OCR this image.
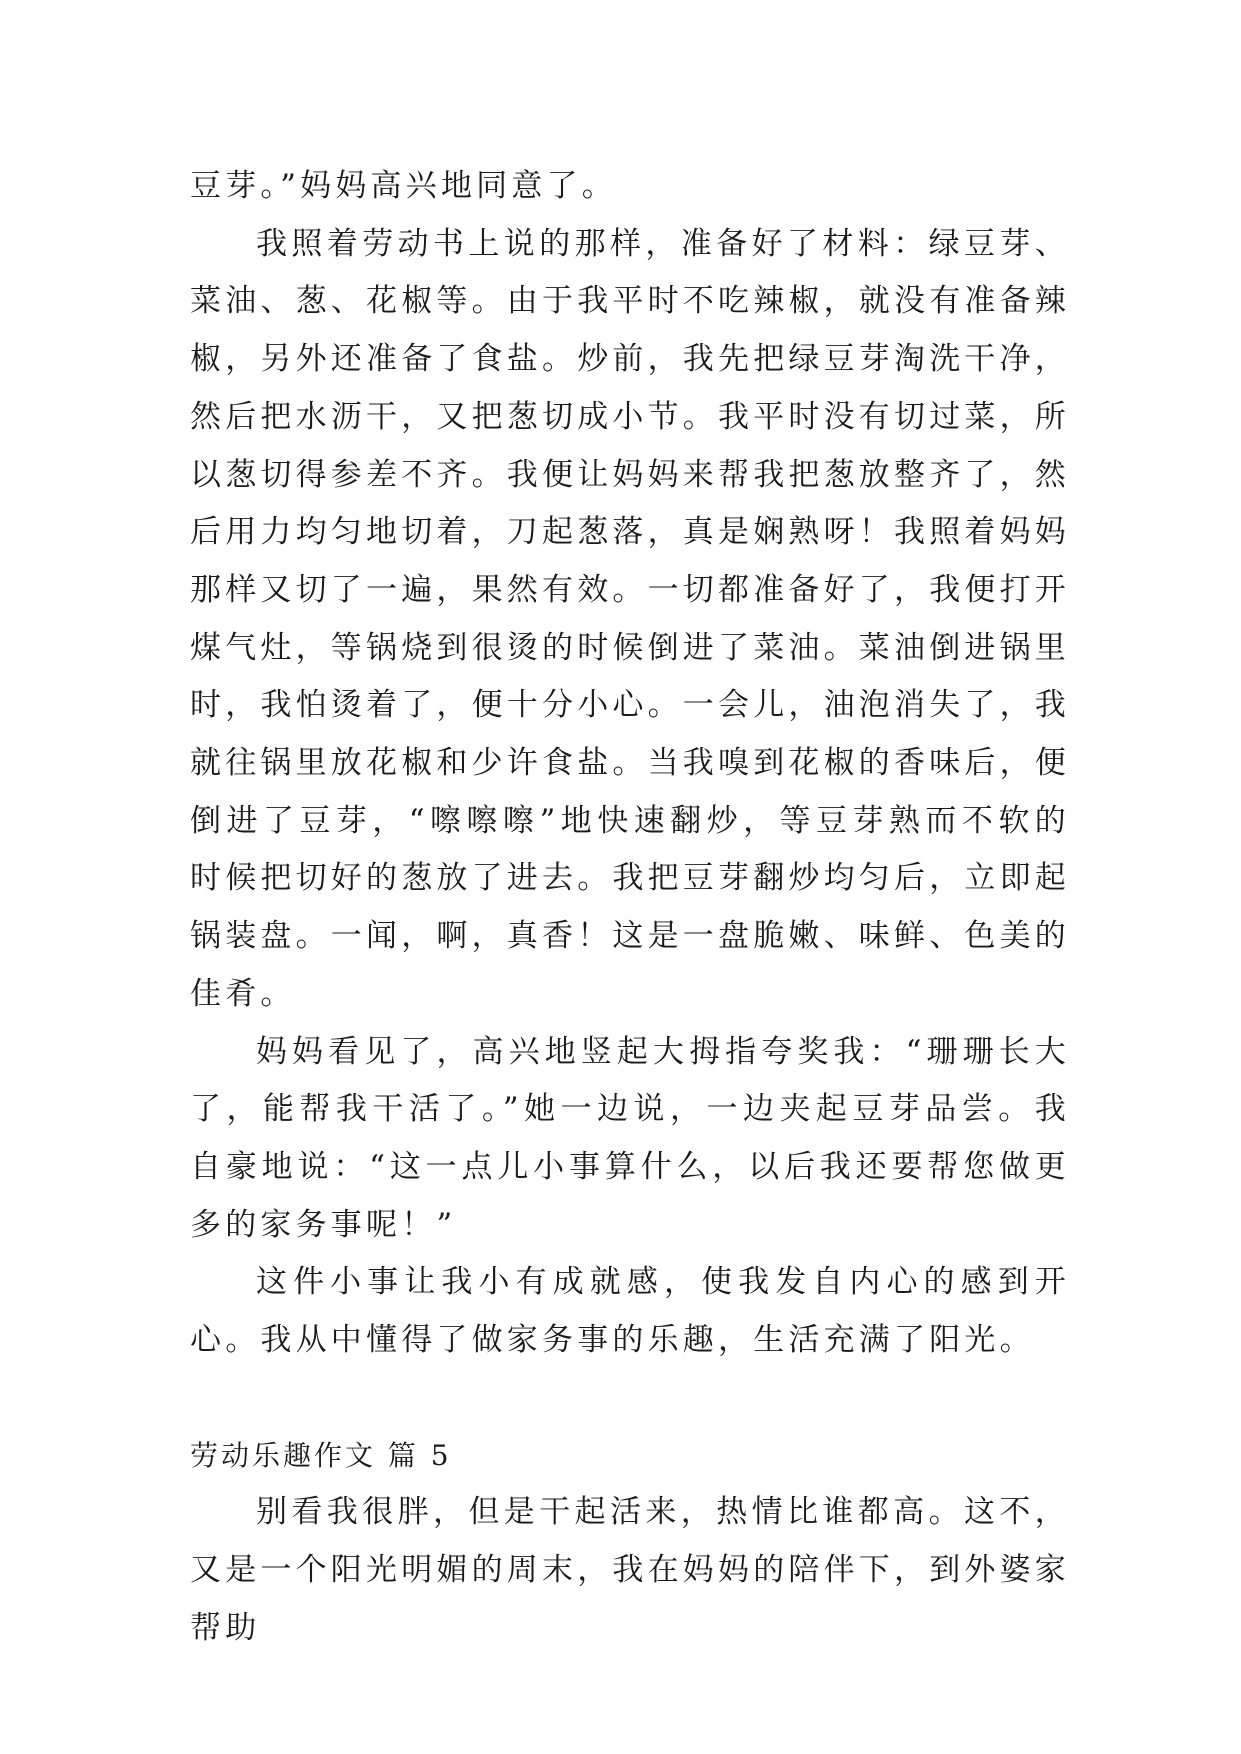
豆芽。”妈妈高兴地同意了。

我照着劳动书上说的那样，准备好了材料：绿豆芽、菜油、葱、花椒等。由于我平时不吃辣椒，就没有准备辣椒，另外还准备了食盐。炒前，我先把绿豆芽淘洗干净，然后把水沥干，又把葱切成小节。我平时没有切过菜，所以葱切得参差不齐。我便让妈妈来帮我把葱放整齐了，然后用力均匀地切着，刀起葱落，真是娴熟呀！我照着妈妈那样又切了一遍，果然有效。一切都准备好了，我便打开煤气灶，等锅烧到很烫的时候倒进了菜油。菜油倒进锅里时，我怕烫着了，便十分小心。一会儿，油泡消失了，我就往锅里放花椒和少许食盐。当我嗅到花椒的香味后，便倒进了豆芽，“嚓嚓嚓”地快速翻炒，等豆芽熟而不软的时候把切好的葱放了进去。我把豆芽翻炒均匀后，立即起锅装盘。一闻，啊，真香！这是一盘脆嫩、味鲜、色美的佳肴。

妈妈看见了，高兴地竖起大拇指夸奖我：“珊珊长大了，能帮我干活了。”她一边说，一边夹起豆芽品尝。我自豪地说：“这一点儿小事算什么，以后我还要帮您做更多的家务事呢！”

这件小事让我小有成就感，使我发自内心的感到开心。我从中懂得了做家务事的乐趣，生活充满了阳光。

劳动乐趣作文 篇 5

别看我很胖，但是干起活来，热情比谁都高。这不，又是一个阳光明媚的周末，我在妈妈的陪伴下，到外婆家帮助
